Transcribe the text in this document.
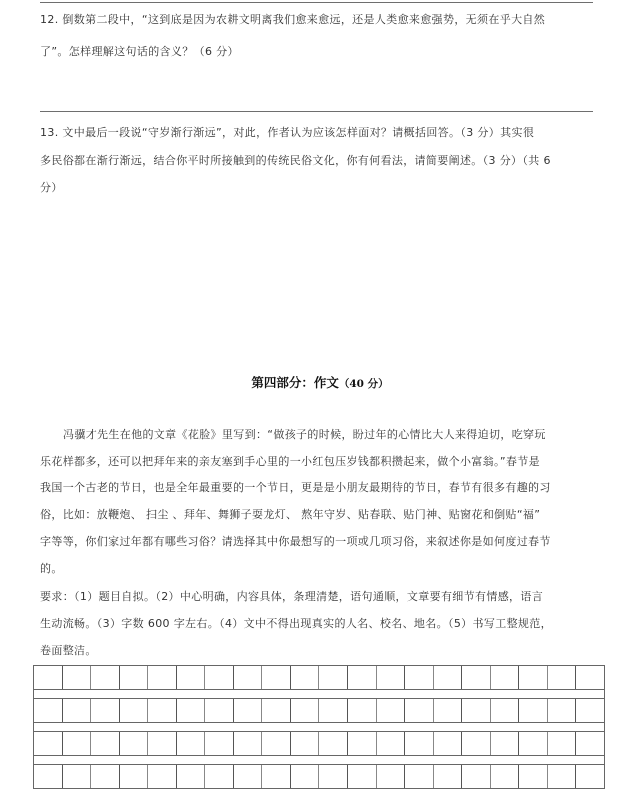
12. 倒数第二段中，“这到底是因为农耕文明离我们愈来愈远，还是人类愈来愈强势，无须在乎大自然
了”。怎样理解这句话的含义？（6 分）
13. 文中最后一段说“守岁渐行渐远”，对此，作者认为应该怎样面对？请概括回答。（3 分）其实很
多民俗都在渐行渐远，结合你平时所接触到的传统民俗文化，你有何看法，请简要阐述。（3 分）（共 6
分）
第四部分：作文（40 分）
冯骥才先生在他的文章《花脸》里写到：“做孩子的时候，盼过年的心情比大人来得迫切，吃穿玩
乐花样都多，还可以把拜年来的亲友塞到手心里的一小红包压岁钱都积攒起来，做个小富翁。”春节是
我国一个古老的节日，也是全年最重要的一个节日，更是是小朋友最期待的节日，春节有很多有趣的习
俗，比如：放鞭炮、 扫尘 、拜年、舞狮子耍龙灯、 熬年守岁、贴春联、贴门神、贴窗花和倒贴“福”
字等等，你们家过年都有哪些习俗？请选择其中你最想写的一项或几项习俗，来叙述你是如何度过春节
的。
要求：（1）题目自拟。（2）中心明确，内容具体，条理清楚，语句通顺，文章要有细节有情感，语言
生动流畅。（3）字数 600 字左右。（4）文中不得出现真实的人名、校名、地名。（5）书写工整规范，
卷面整洁。
